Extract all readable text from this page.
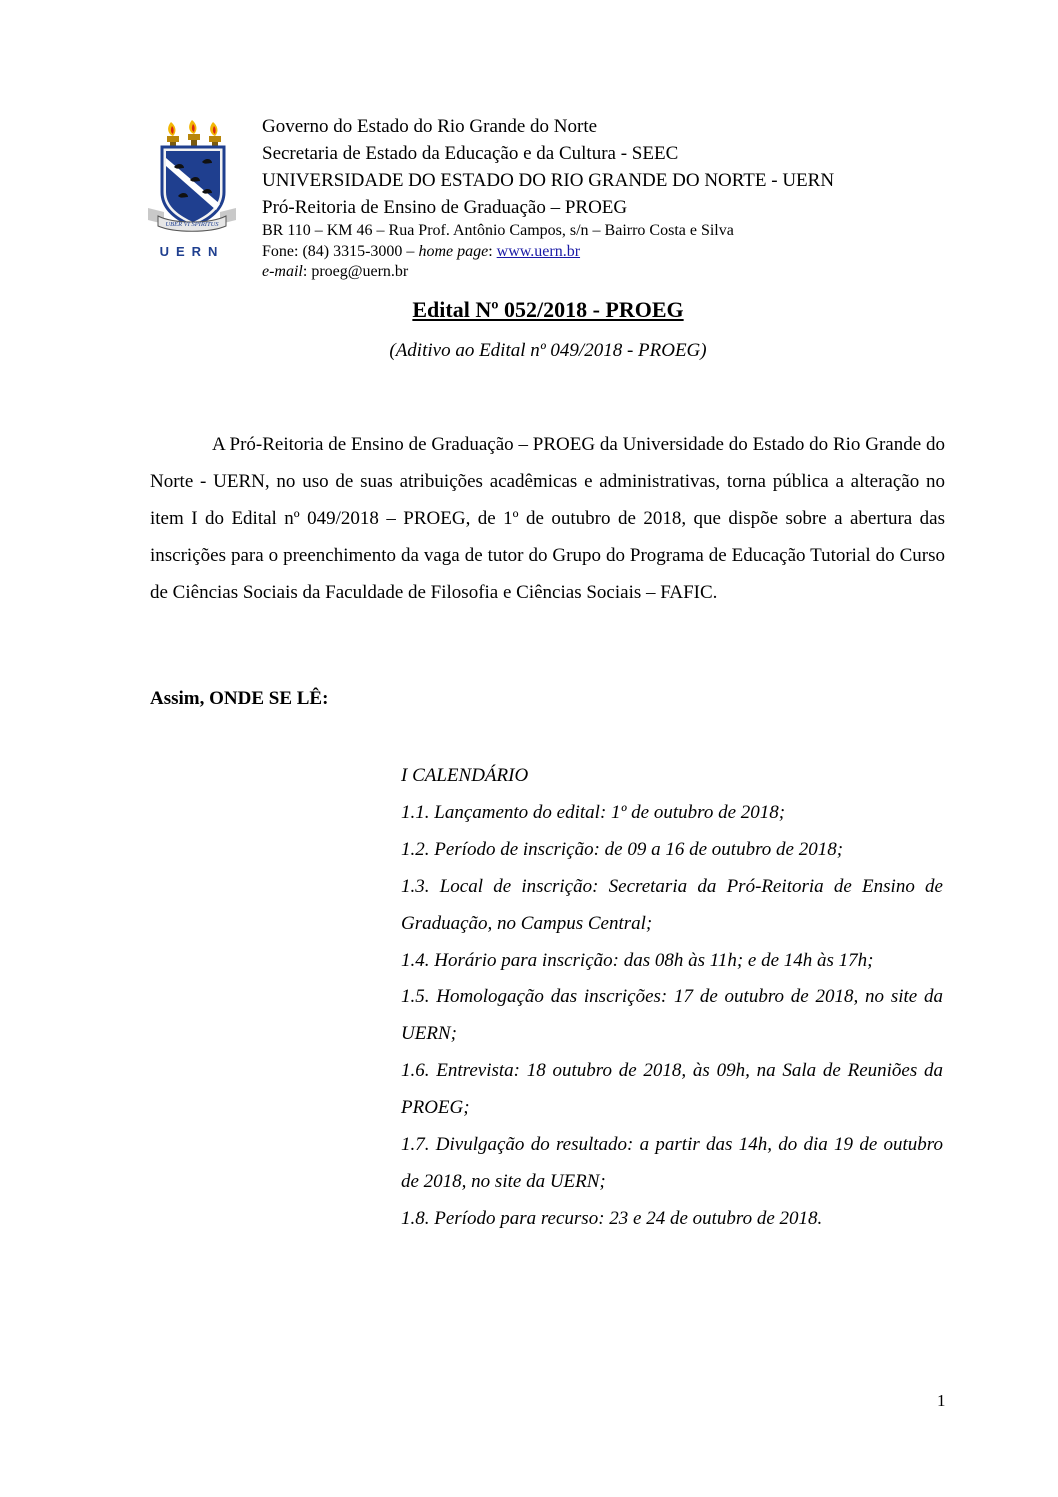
UBER VI SPIRITUS
UERN
Governo do Estado do Rio Grande do Norte
Secretaria de Estado da Educação e da Cultura - SEEC
UNIVERSIDADE DO ESTADO DO RIO GRANDE DO NORTE - UERN
Pró-Reitoria de Ensino de Graduação – PROEG
BR 110 – KM 46 – Rua Prof. Antônio Campos, s/n – Bairro Costa e Silva
Fone: (84) 3315-3000 – home page: www.uern.br
e-mail: proeg@uern.br
Edital Nº 052/2018 - PROEG
(Aditivo ao Edital nº 049/2018 - PROEG)
A Pró-Reitoria de Ensino de Graduação – PROEG da Universidade do Estado do Rio Grande do Norte - UERN, no uso de suas atribuições acadêmicas e administrativas, torna pública a alteração no item I do Edital nº 049/2018 – PROEG, de 1º de outubro de 2018, que dispõe sobre a abertura das inscrições para o preenchimento da vaga de tutor do Grupo do Programa de Educação Tutorial do Curso de Ciências Sociais da Faculdade de Filosofia e Ciências Sociais – FAFIC.
Assim, ONDE SE LÊ:
I CALENDÁRIO
1.1. Lançamento do edital: 1º de outubro de 2018;
1.2. Período de inscrição: de 09 a 16 de outubro de 2018;
1.3. Local de inscrição: Secretaria da Pró-Reitoria de Ensino de Graduação, no Campus Central;
1.4. Horário para inscrição: das 08h às 11h; e de 14h às 17h;
1.5. Homologação das inscrições: 17 de outubro de 2018, no site da UERN;
1.6. Entrevista: 18 outubro de 2018, às 09h, na Sala de Reuniões da PROEG;
1.7. Divulgação do resultado: a partir das 14h, do dia 19 de outubro de 2018, no site da UERN;
1.8. Período para recurso: 23 e 24 de outubro de 2018.
1
